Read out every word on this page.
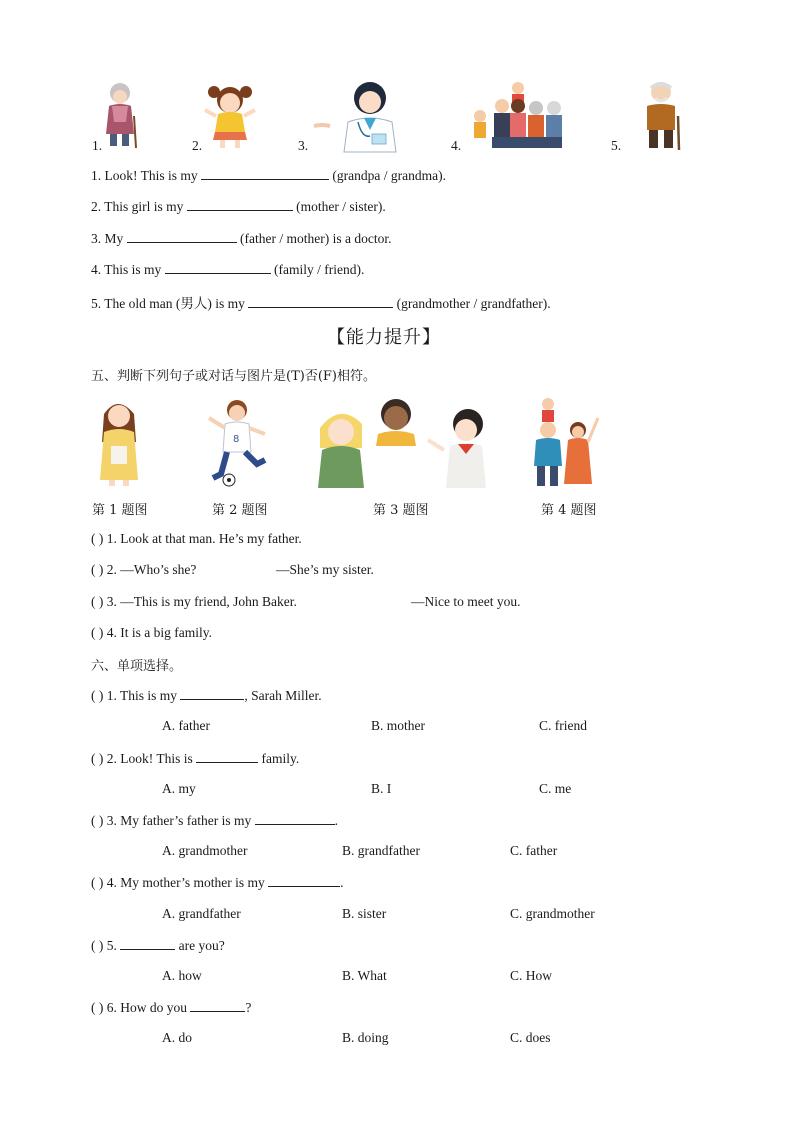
1.	2.	3.	4.	5.
1. Look! This is my	(grandpa / grandma).
2. This girl is my	(mother / sister).
3. My	(father / mother) is a doctor.
4. This is my	(family / friend).
5. The old man (男人) is my	(grandmother / grandfather).
【能力提升】
五、判断下列句子或对话与图片是(T)否(F)相符。
8
第 1 题图	第 2 题图	第 3 题图	第 4 题图
( ) 1. Look at that man. He’s my father.
( ) 2. —Who’s she?	—She’s my sister.
( ) 3. —This is my friend, John Baker.	—Nice to meet you.
( ) 4. It is a big family.
六、单项选择。
( ) 1. This is my	, Sarah Miller.
A. father	B. mother	C. friend
( ) 2. Look! This is	family.
A. my	B. I	C. me
( ) 3. My father’s father is my	.
A. grandmother	B. grandfather	C. father
( ) 4. My mother’s mother is my	.
A. grandfather	B. sister	C. grandmother
( ) 5.	are you?
A. how	B. What	C. How
( ) 6. How do you	?
A. do	B. doing	C. does
